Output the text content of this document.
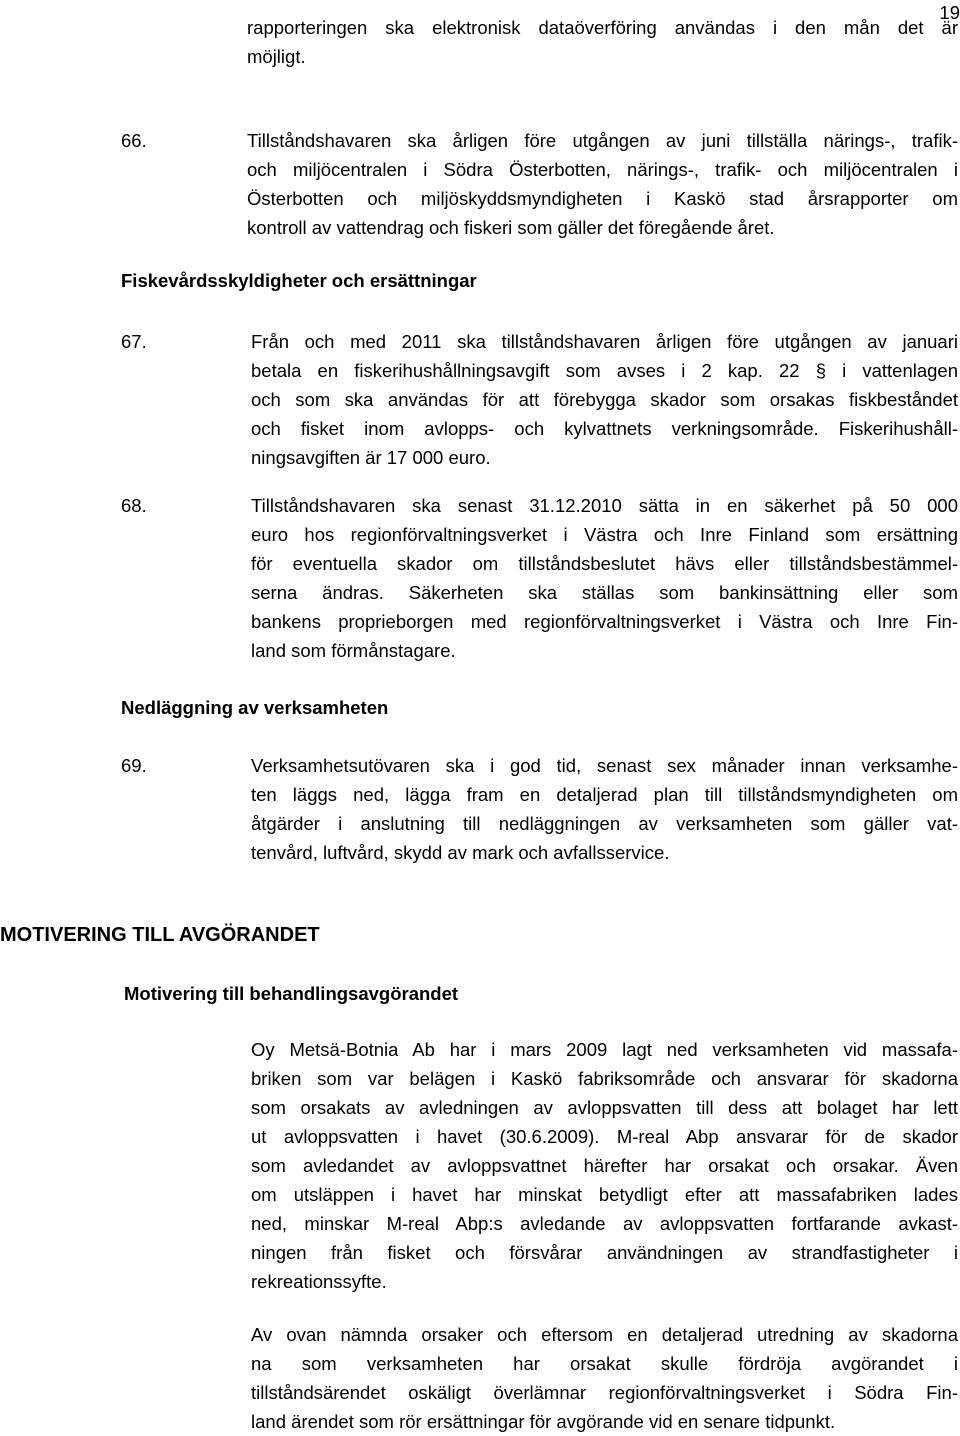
19
rapporteringen ska elektronisk dataöverföring användas i den mån det är
möjligt.
66.	Tillståndshavaren ska årligen före utgången av juni tillställa närings-, trafik-
och miljöcentralen i Södra Österbotten, närings-, trafik- och miljöcentralen i
Österbotten och miljöskyddsmyndigheten i Kaskö stad årsrapporter om
kontroll av vattendrag och fiskeri som gäller det föregående året.
Fiskevårdsskyldigheter och ersättningar
67.	Från och med 2011 ska tillståndshavaren årligen före utgången av januari
betala en fiskerihushållningsavgift som avses i 2 kap. 22 § i vattenlagen
och som ska användas för att förebygga skador som orsakas fiskbeståndet
och fisket inom avlopps- och kylvattnets verkningsområde. Fiskerihushåll-
ningsavgiften är 17 000 euro.
68.	Tillståndshavaren ska senast 31.12.2010 sätta in en säkerhet på 50 000
euro hos regionförvaltningsverket i Västra och Inre Finland som ersättning
för eventuella skador om tillståndsbeslutet hävs eller tillståndsbestämmel-
serna ändras. Säkerheten ska ställas som bankinsättning eller som
bankens proprieborgen med regionförvaltningsverket i Västra och Inre Fin-
land som förmånstagare.
Nedläggning av verksamheten
69.	Verksamhetsutövaren ska i god tid, senast sex månader innan verksamhe-
ten läggs ned, lägga fram en detaljerad plan till tillståndsmyndigheten om
åtgärder i anslutning till nedläggningen av verksamheten som gäller vat-
tenvård, luftvård, skydd av mark och avfallsservice.
MOTIVERING TILL AVGÖRANDET
Motivering till behandlingsavgörandet
Oy Metsä-Botnia Ab har i mars 2009 lagt ned verksamheten vid massafa-
briken som var belägen i Kaskö fabriksområde och ansvarar för skadorna
som orsakats av avledningen av avloppsvatten till dess att bolaget har lett
ut avloppsvatten i havet (30.6.2009). M-real Abp ansvarar för de skador
som avledandet av avloppsvattnet härefter har orsakat och orsakar. Även
om utsläppen i havet har minskat betydligt efter att massafabriken lades
ned, minskar M-real Abp:s avledande av avloppsvatten fortfarande avkast-
ningen från fisket och försvårar användningen av strandfastigheter i
rekreationssyfte.
Av ovan nämnda orsaker och eftersom en detaljerad utredning av skadorna
na som verksamheten har orsakat skulle fördröja avgörandet i
tillståndsärendet oskäligt överlämnar regionförvaltningsverket i Södra Fin-
land ärendet som rör ersättningar för avgörande vid en senare tidpunkt.
